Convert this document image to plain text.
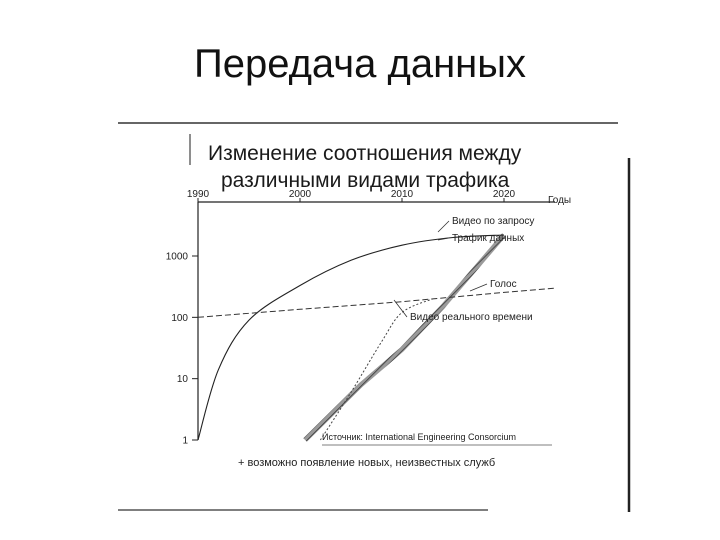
Передача данных
Изменение соотношения между
различными видами трафика
1990	2000	2010	2020
1
10
100
1000
Видео по запросу
Трафик данных
Голос
Видео реального времени
Годы
Источник: International Engineering Consorcium
+ возможно появление новых, неизвестных служб
